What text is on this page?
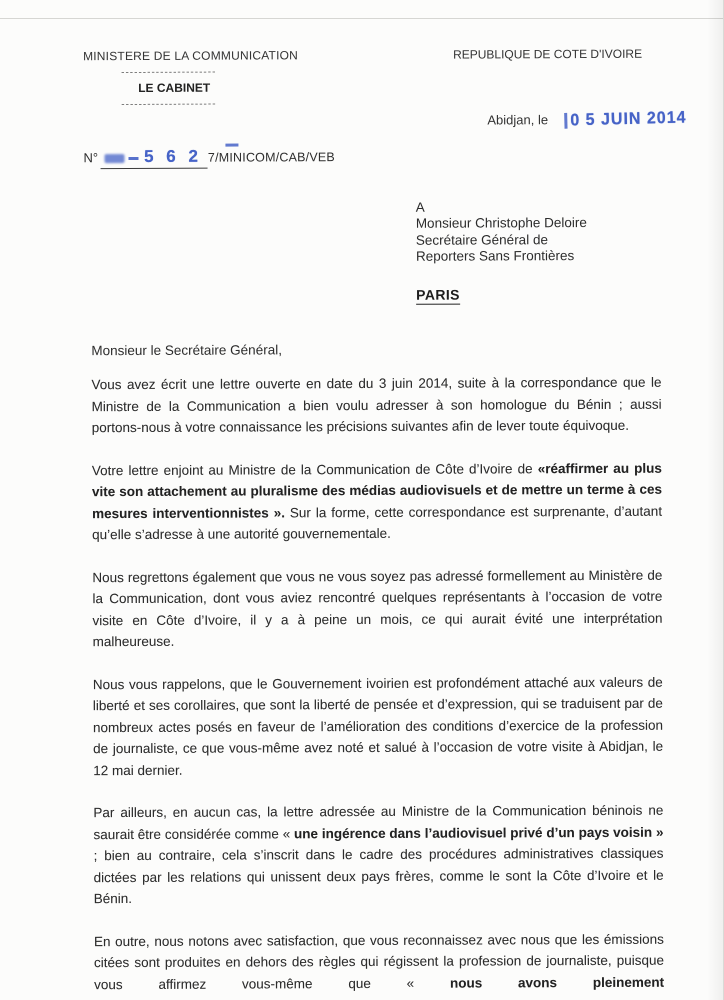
MINISTERE DE LA COMMUNICATION
----------------------
LE CABINET
----------------------
REPUBLIQUE DE COTE D'IVOIRE
Abidjan, le 0 5 JUIN 2014
N°	5 6 2 7/MINICOM/CAB/VEB
A
Monsieur Christophe Deloire
Secrétaire Général de
Reporters Sans Frontières
PARIS

Monsieur le Secrétaire Général,

Vous avez écrit une lettre ouverte en date du 3 juin 2014, suite à la correspondance que le Ministre de la Communication a bien voulu adresser à son homologue du Bénin ; aussi portons-nous à votre connaissance les précisions suivantes afin de lever toute équivoque.

Votre lettre enjoint au Ministre de la Communication de Côte d’Ivoire de «réaffirmer au plus vite son attachement au pluralisme des médias audiovisuels et de mettre un terme à ces mesures interventionnistes ». Sur la forme, cette correspondance est surprenante, d’autant qu’elle s’adresse à une autorité gouvernementale.

Nous regrettons également que vous ne vous soyez pas adressé formellement au Ministère de la Communication, dont vous aviez rencontré quelques représentants à l’occasion de votre visite en Côte d’Ivoire, il y a à peine un mois, ce qui aurait évité une interprétation malheureuse.

Nous vous rappelons, que le Gouvernement ivoirien est profondément attaché aux valeurs de liberté et ses corollaires, que sont la liberté de pensée et d’expression, qui se traduisent par de nombreux actes posés en faveur de l’amélioration des conditions d’exercice de la profession de journaliste, ce que vous-même avez noté et salué à l’occasion de votre visite à Abidjan, le 12 mai dernier.

Par ailleurs, en aucun cas, la lettre adressée au Ministre de la Communication béninois ne saurait être considérée comme « une ingérence dans l’audiovisuel privé d’un pays voisin » ; bien au contraire, cela s’inscrit dans le cadre des procédures administratives classiques dictées par les relations qui unissent deux pays frères, comme le sont la Côte d’Ivoire et le Bénin.

En outre, nous notons avec satisfaction, que vous reconnaissez avec nous que les émissions citées sont produites en dehors des règles qui régissent la profession de journaliste, puisque vous affirmez vous-même que « nous avons pleinement
